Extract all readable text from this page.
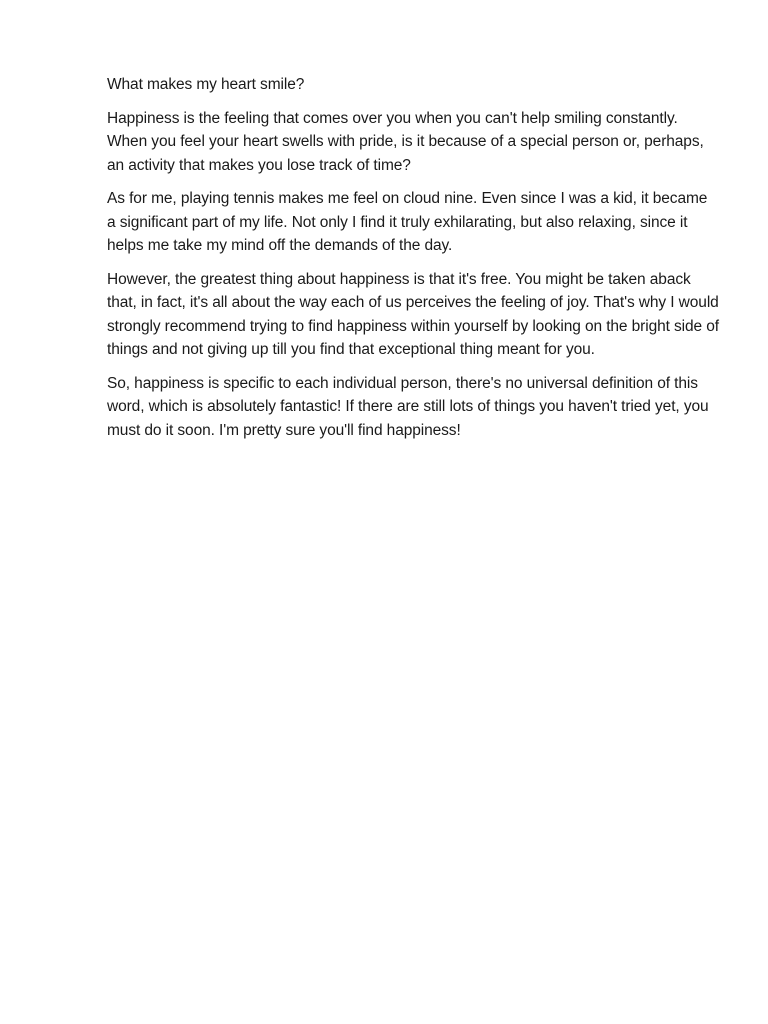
What makes my heart smile?

Happiness is the feeling that comes over you when you can't help smiling constantly. When you feel your heart swells with pride, is it because of a special person or, perhaps, an activity that makes you lose track of time?

As for me, playing tennis makes me feel on cloud nine. Even since I was a kid, it became a significant part of my life. Not only I find it truly exhilarating, but also relaxing, since it helps me take my mind off the demands of the day.

However, the greatest thing about happiness is that it's free. You might be taken aback that, in fact, it's all about the way each of us perceives the feeling of joy. That's why I would strongly recommend trying to find happiness within yourself by looking on the bright side of things and not giving up till you find that exceptional thing meant for you.

So, happiness is specific to each individual person, there's no universal definition of this word, which is absolutely fantastic! If there are still lots of things you haven't tried yet, you must do it soon. I'm pretty sure you'll find happiness!
